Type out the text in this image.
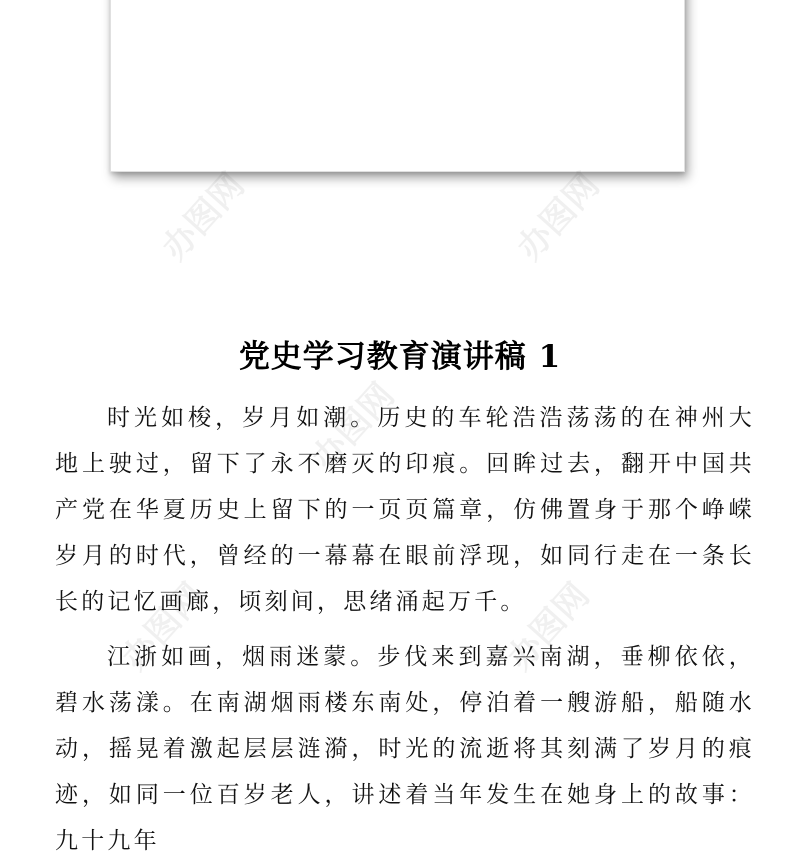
办图网	办图网
办图网
办图网	办图网
党史学习教育演讲稿 1

时光如梭，岁月如潮。历史的车轮浩浩荡荡的在神州大地上驶过，留下了永不磨灭的印痕。回眸过去，翻开中国共产党在华夏历史上留下的一页页篇章，仿佛置身于那个峥嵘岁月的时代，曾经的一幕幕在眼前浮现，如同行走在一条长长的记忆画廊，顷刻间，思绪涌起万千。

江浙如画，烟雨迷蒙。步伐来到嘉兴南湖，垂柳依依，碧水荡漾。在南湖烟雨楼东南处，停泊着一艘游船，船随水动，摇晃着激起层层涟漪，时光的流逝将其刻满了岁月的痕迹，如同一位百岁老人，讲述着当年发生在她身上的故事：九十九年
